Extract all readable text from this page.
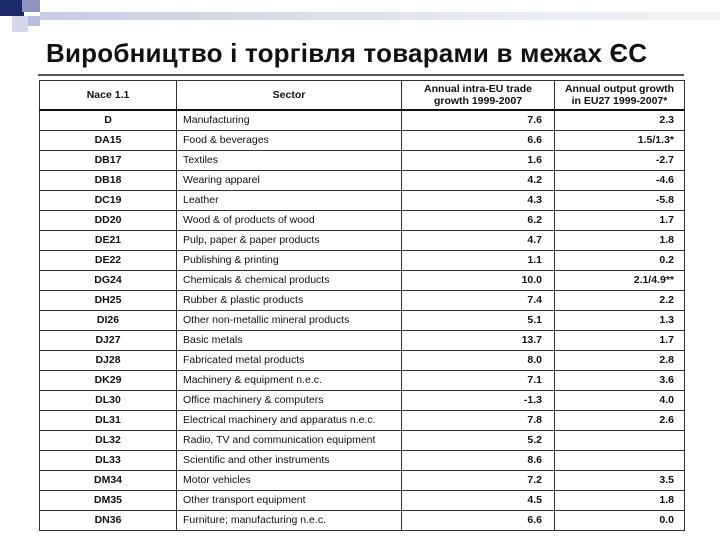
Виробництво і торгівля товарами в межах ЄС
Nace 1.1	Sector	Annual intra-EU trade growth 1999-2007	Annual output growth in EU27 1999-2007*
D	Manufacturing	7.6	2.3
DA15	Food & beverages	6.6	1.5/1.3*
DB17	Textiles	1.6	-2.7
DB18	Wearing apparel	4.2	-4.6
DC19	Leather	4.3	-5.8
DD20	Wood & of products of wood	6.2	1.7
DE21	Pulp, paper & paper products	4.7	1.8
DE22	Publishing & printing	1.1	0.2
DG24	Chemicals & chemical products	10.0	2.1/4.9**
DH25	Rubber & plastic products	7.4	2.2
DI26	Other non-metallic mineral products	5.1	1.3
DJ27	Basic metals	13.7	1.7
DJ28	Fabricated metal products	8.0	2.8
DK29	Machinery & equipment n.e.c.	7.1	3.6
DL30	Office machinery & computers	-1.3	4.0
DL31	Electrical machinery and apparatus n.e.c.	7.8	2.6
DL32	Radio, TV and communication equipment	5.2	
DL33	Scientific and other instruments	8.6	
DM34	Motor vehicles	7.2	3.5
DM35	Other transport equipment	4.5	1.8
DN36	Furniture; manufacturing n.e.c.	6.6	0.0
